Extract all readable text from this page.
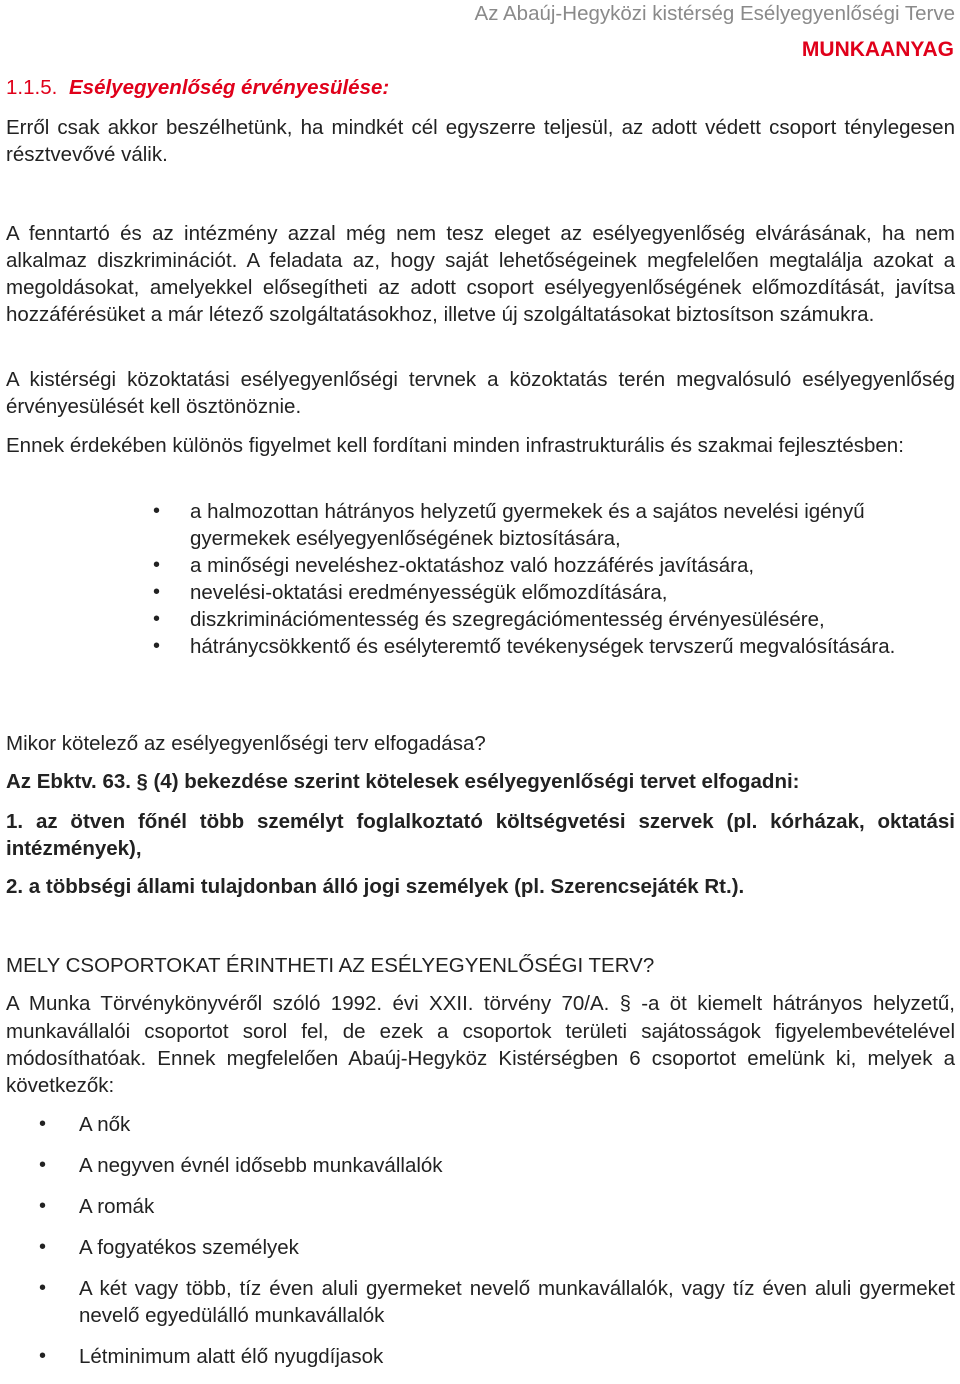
Az Abaúj-Hegyközi kistérség Esélyegyenlőségi Terve
MUNKAANYAG
1.1.5. Esélyegyenlőség érvényesülése:

Erről csak akkor beszélhetünk, ha mindkét cél egyszerre teljesül, az adott védett csoport ténylegesen résztvevővé válik.

A fenntartó és az intézmény azzal még nem tesz eleget az esélyegyenlőség elvárásának, ha nem alkalmaz diszkriminációt. A feladata az, hogy saját lehetőségeinek megfelelően megtalálja azokat a megoldásokat, amelyekkel elősegítheti az adott csoport esélyegyenlőségének előmozdítását, javítsa hozzáférésüket a már létező szolgáltatásokhoz, illetve új szolgáltatásokat biztosítson számukra.

A kistérségi közoktatási esélyegyenlőségi tervnek a közoktatás terén megvalósuló esélyegyenlőség érvényesülését kell ösztönöznie.

Ennek érdekében különös figyelmet kell fordítani minden infrastrukturális és szakmai fejlesztésben:

• a halmozottan hátrányos helyzetű gyermekek és a sajátos nevelési igényű gyermekek esélyegyenlőségének biztosítására,
• a minőségi neveléshez-oktatáshoz való hozzáférés javítására,
• nevelési-oktatási eredményességük előmozdítására,
• diszkriminációmentesség és szegregációmentesség érvényesülésére,
• hátránycsökkentő és esélyteremtő tevékenységek tervszerű megvalósítására.

Mikor kötelező az esélyegyenlőségi terv elfogadása?

Az Ebktv. 63. § (4) bekezdése szerint kötelesek esélyegyenlőségi tervet elfogadni:

1. az ötven főnél több személyt foglalkoztató költségvetési szervek (pl. kórházak, oktatási intézmények),

2. a többségi állami tulajdonban álló jogi személyek (pl. Szerencsejáték Rt.).

MELY CSOPORTOKAT ÉRINTHETI AZ ESÉLYEGYENLŐSÉGI TERV?

A Munka Törvénykönyvéről szóló 1992. évi XXII. törvény 70/A. § -a öt kiemelt hátrányos helyzetű, munkavállalói csoportot sorol fel, de ezek a csoportok területi sajátosságok figyelembevételével módosíthatóak. Ennek megfelelően Abaúj-Hegyköz Kistérségben 6 csoportot emelünk ki, melyek a következők:

• A nők
• A negyven évnél idősebb munkavállalók
• A romák
• A fogyatékos személyek
• A két vagy több, tíz éven aluli gyermeket nevelő munkavállalók, vagy tíz éven aluli gyermeket nevelő egyedülálló munkavállalók
• Létminimum alatt élő nyugdíjasok
